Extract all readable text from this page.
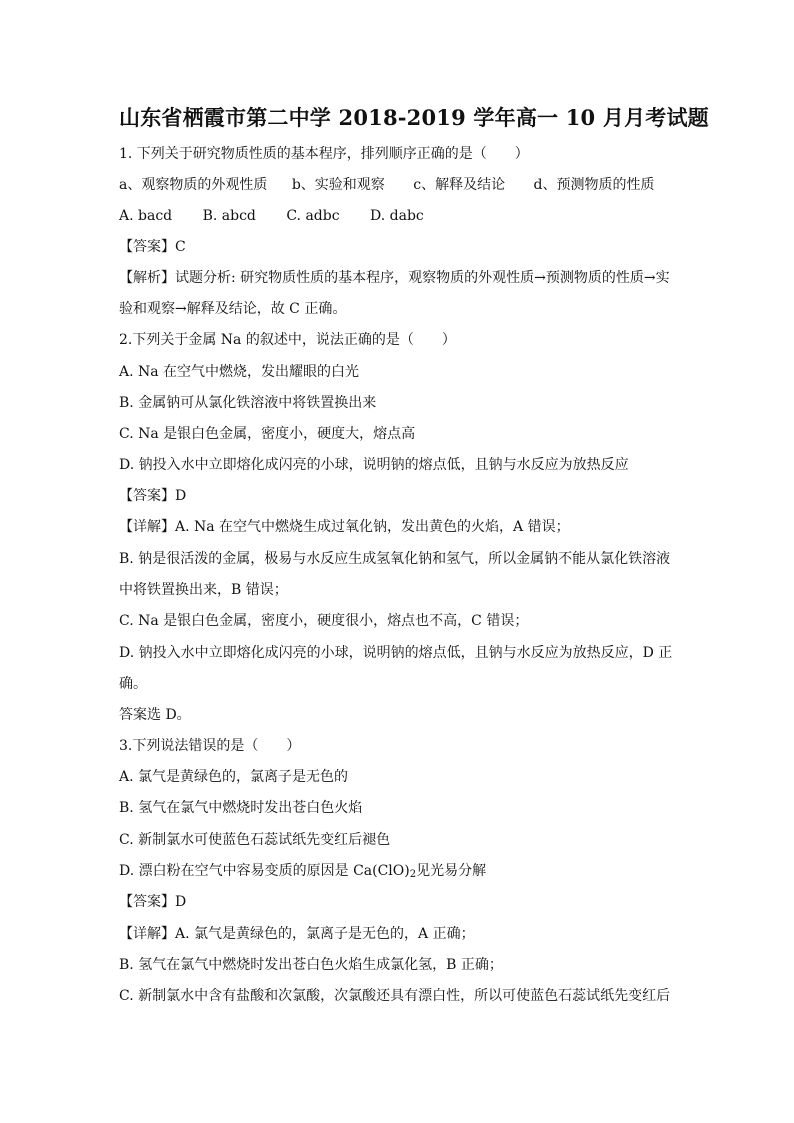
山东省栖霞市第二中学 2018-2019 学年高一 10 月月考试题
1. 下列关于研究物质性质的基本程序，排列顺序正确的是（　　）
a、观察物质的外观性质 b、实验和观察 c、解释及结论 d、预测物质的性质
A. bacd B. abcd C. adbc D. dabc
【答案】C
【解析】试题分析: 研究物质性质的基本程序，观察物质的外观性质→预测物质的性质→实
验和观察→解释及结论，故 C 正确。
2.下列关于金属 Na 的叙述中，说法正确的是（　　）
A. Na 在空气中燃烧，发出耀眼的白光
B. 金属钠可从氯化铁溶液中将铁置换出来
C. Na 是银白色金属，密度小，硬度大，熔点高
D. 钠投入水中立即熔化成闪亮的小球，说明钠的熔点低，且钠与水反应为放热反应
【答案】D
【详解】A. Na 在空气中燃烧生成过氧化钠，发出黄色的火焰，A 错误；
B. 钠是很活泼的金属，极易与水反应生成氢氧化钠和氢气，所以金属钠不能从氯化铁溶液
中将铁置换出来，B 错误；
C. Na 是银白色金属，密度小，硬度很小，熔点也不高，C 错误；
D. 钠投入水中立即熔化成闪亮的小球，说明钠的熔点低，且钠与水反应为放热反应，D 正
确。
答案选 D。
3.下列说法错误的是（　　）
A. 氯气是黄绿色的，氯离子是无色的
B. 氢气在氯气中燃烧时发出苍白色火焰
C. 新制氯水可使蓝色石蕊试纸先变红后褪色
D. 漂白粉在空气中容易变质的原因是 $Ca(ClO)_2$见光易分解
【答案】D
【详解】A. 氯气是黄绿色的，氯离子是无色的，A 正确；
B. 氢气在氯气中燃烧时发出苍白色火焰生成氯化氢，B 正确；
C. 新制氯水中含有盐酸和次氯酸，次氯酸还具有漂白性，所以可使蓝色石蕊试纸先变红后
